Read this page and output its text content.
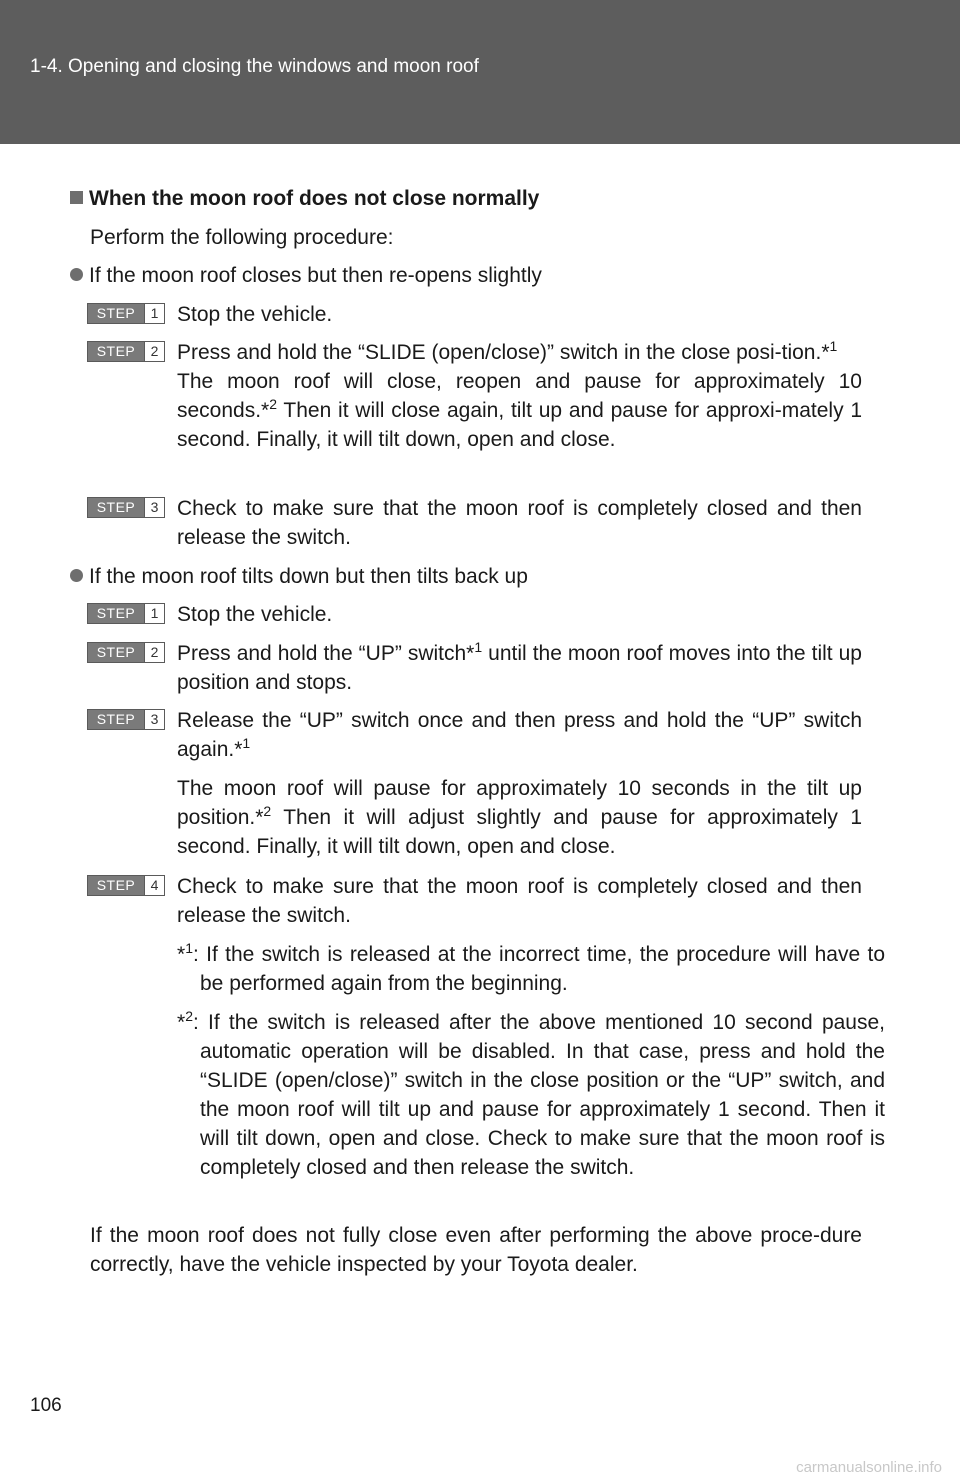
1-4. Opening and closing the windows and moon roof
When the moon roof does not close normally
Perform the following procedure:
If the moon roof closes but then re-opens slightly
STEP	1 Stop the vehicle.
STEP	2 Press and hold the “SLIDE (open/close)” switch in the close posi-tion.*$^1$
The moon roof will close, reopen and pause for approximately 10 seconds.*$^2$ Then it will close again, tilt up and pause for approxi-mately 1 second. Finally, it will tilt down, open and close.
STEP	3 Check to make sure that the moon roof is completely closed and then release the switch.
If the moon roof tilts down but then tilts back up
STEP	1 Stop the vehicle.
STEP	2 Press and hold the “UP” switch*$^1$ until the moon roof moves into the tilt up position and stops.
STEP	3 Release the “UP” switch once and then press and hold the “UP” switch again.*$^1$
The moon roof will pause for approximately 10 seconds in the tilt up position.*$^2$ Then it will adjust slightly and pause for approximately 1 second. Finally, it will tilt down, open and close.
STEP	4 Check to make sure that the moon roof is completely closed and then release the switch.
*$^1$: If the switch is released at the incorrect time, the procedure will have to be performed again from the beginning.
*$^2$: If the switch is released after the above mentioned 10 second pause, automatic operation will be disabled. In that case, press and hold the “SLIDE (open/close)” switch in the close position or the “UP” switch, and the moon roof will tilt up and pause for approximately 1 second. Then it will tilt down, open and close. Check to make sure that the moon roof is completely closed and then release the switch.
If the moon roof does not fully close even after performing the above proce-dure correctly, have the vehicle inspected by your Toyota dealer.
106
carmanualsonline.info
